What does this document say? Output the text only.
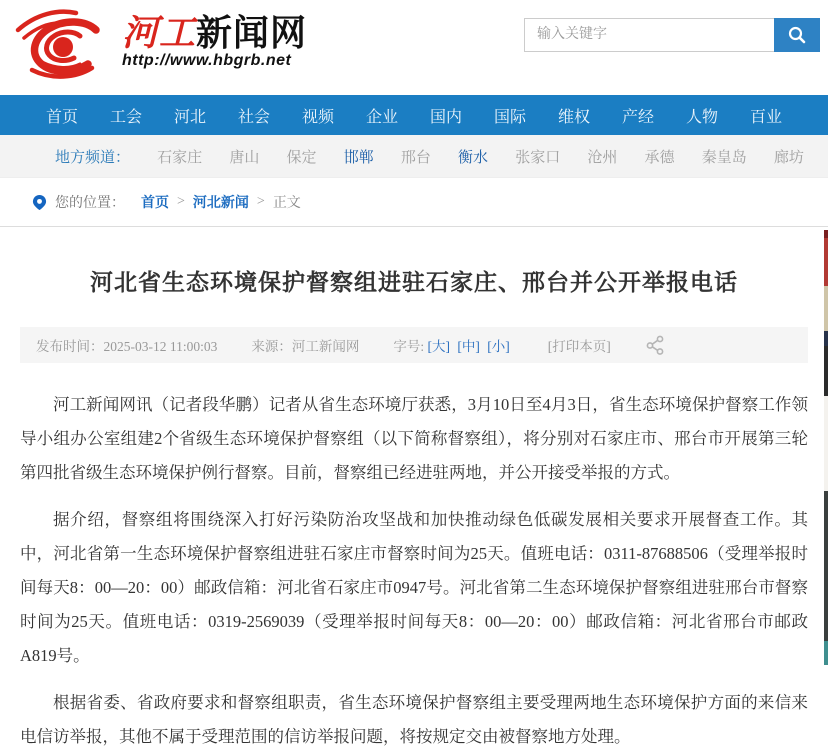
河工新闻网
http://www.hbgrb.net
输入关键字
首页 工会 河北 社会 视频 企业 国内 国际 维权 产经 人物 百业
地方频道： 石家庄 唐山 保定 邯郸 邢台 衡水 张家口 沧州 承德 秦皇岛 廊坊
您的位置： 首页 > 河北新闻 > 正文
河北省生态环境保护督察组进驻石家庄、邢台并公开举报电话
发布时间：2025-03-12 11:00:03	来源：河工新闻网	字号: [大] [中] [小]	[打印本页]

河工新闻网讯（记者段华鹏）记者从省生态环境厅获悉，3月10日至4月3日，省生态环境保护督察工作领导小组办公室组建2个省级生态环境保护督察组（以下简称督察组），将分别对石家庄市、邢台市开展第三轮第四批省级生态环境保护例行督察。目前，督察组已经进驻两地，并公开接受举报的方式。

据介绍，督察组将围绕深入打好污染防治攻坚战和加快推动绿色低碳发展相关要求开展督查工作。其中，河北省第一生态环境保护督察组进驻石家庄市督察时间为25天。值班电话：0311-87688506（受理举报时间每天8：00—20：00）邮政信箱：河北省石家庄市0947号。河北省第二生态环境保护督察组进驻邢台市督察时间为25天。值班电话：0319-2569039（受理举报时间每天8：00—20：00）邮政信箱：河北省邢台市邮政A819号。

根据省委、省政府要求和督察组职责，省生态环境保护督察组主要受理两地生态环境保护方面的来信来电信访举报，其他不属于受理范围的信访举报问题，将按规定交由被督察地方处理。
